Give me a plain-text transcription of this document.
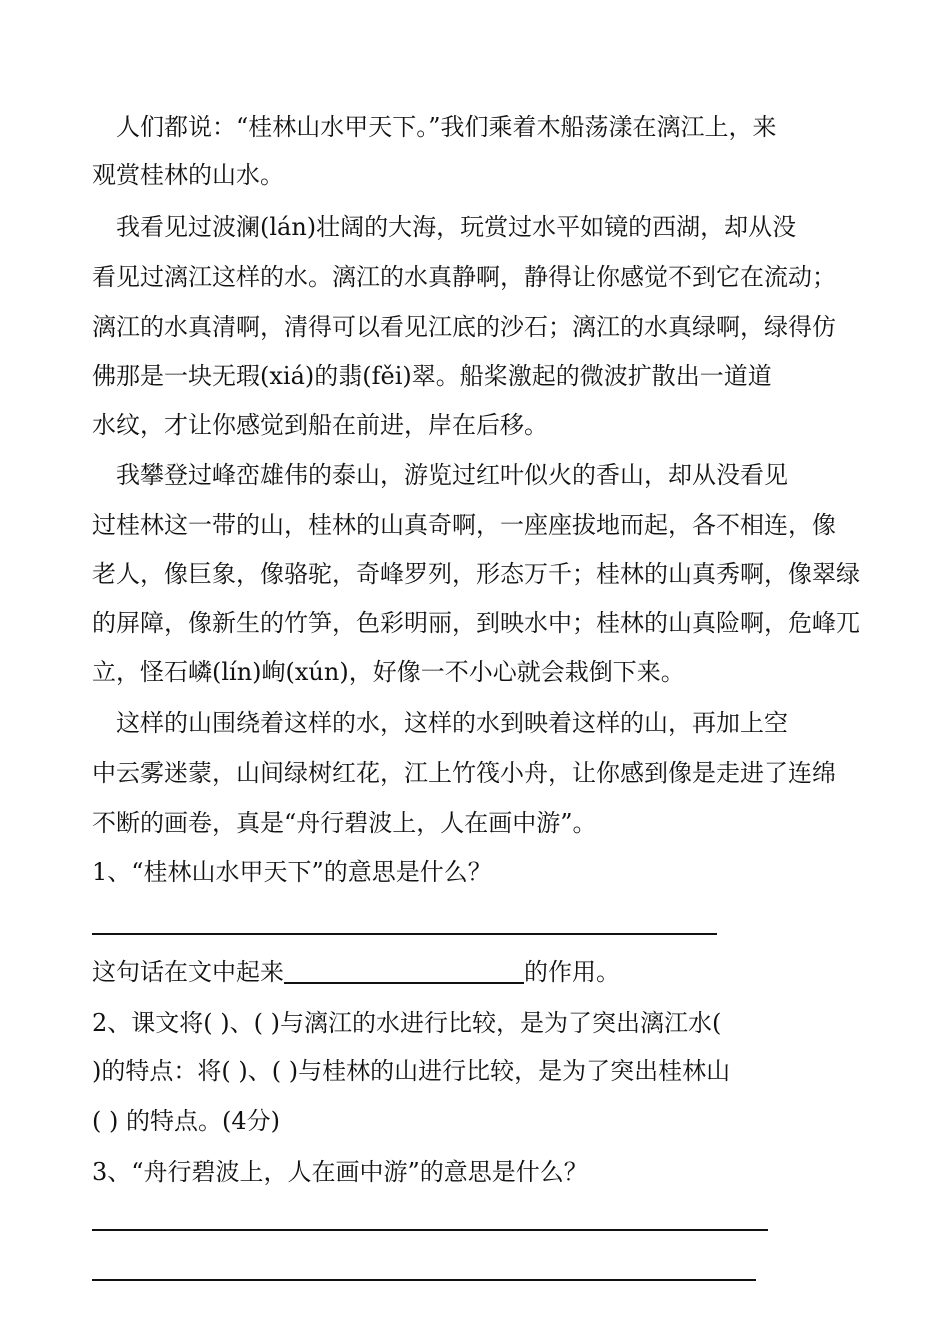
　人们都说：“桂林山水甲天下。”我们乘着木船荡漾在漓江上，来
观赏桂林的山水。
　我看见过波澜(lán)壮阔的大海，玩赏过水平如镜的西湖，却从没
看见过漓江这样的水。漓江的水真静啊，静得让你感觉不到它在流动；
漓江的水真清啊，清得可以看见江底的沙石；漓江的水真绿啊，绿得仿
佛那是一块无瑕(xiá)的翡(fěi)翠。船桨激起的微波扩散出一道道
水纹，才让你感觉到船在前进，岸在后移。
　我攀登过峰峦雄伟的泰山，游览过红叶似火的香山，却从没看见
过桂林这一带的山，桂林的山真奇啊，一座座拔地而起，各不相连，像
老人，像巨象，像骆驼，奇峰罗列，形态万千；桂林的山真秀啊，像翠绿
的屏障，像新生的竹笋，色彩明丽，到映水中；桂林的山真险啊，危峰兀
立，怪石嶙(lín)峋(xún)，好像一不小心就会栽倒下来。
　这样的山围绕着这样的水，这样的水到映着这样的山，再加上空
中云雾迷蒙，山间绿树红花，江上竹筏小舟，让你感到像是走进了连绵
不断的画卷，真是“舟行碧波上，人在画中游”。
1、“桂林山水甲天下”的意思是什么？
这句话在文中起来	的作用。
2、课文将( )、( )与漓江的水进行比较，是为了突出漓江水(
)的特点：将( )、( )与桂林的山进行比较，是为了突出桂林山
( ) 的特点。(4分)
3、“舟行碧波上，人在画中游”的意思是什么？
